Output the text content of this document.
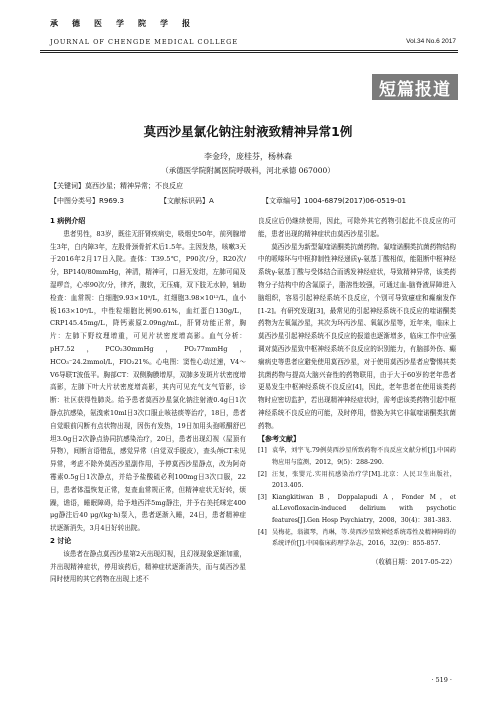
承德医学院学报
JOURNAL OF CHENGDE MEDICAL COLLEGE	Vol.34 No.6 2017
短篇报道
莫西沙星氯化钠注射液致精神异常1例
李金玲，庞桂芬，杨林森
（承德医学院附属医院呼吸科，河北承德 067000）
【关键词】莫西沙星；精神异常；不良反应
【中图分类号】R969.3	【文献标识码】A	【文章编号】1004-6879(2017)06-0519-01
1 病例介绍

患者男性，83岁，既往无肝肾疾病史，吸烟史50年，前列腺增生3年，白内障3年，左股骨颈骨折术后1.5年。主因发热，咳嗽3天于2016年2月17日入院。查体：T39.5℃，P90次/分，R20次/分，BP140/80mmHg，神清，精神可，口唇无发绀，左肺可闻及湿啰音，心率90次/分，律齐，腹软，无压痛，双下肢无水肿，辅助检查：血常规：白细胞9.93×10⁹/L，红细胞3.98×10¹²/L，血小板163×10⁹/L，中性粒细胞比例90.61%，血红蛋白130g/L，CRP145.45mg/L，降钙素原2.09ng/mL，肝肾功能正常，胸片：左肺下野纹理增重，可见片状密度增高影。血气分析：pH7.52，PCO₂30mmHg，PO₂77mmHg，HCO₃⁻24.2mmol/L，FIO₂21%。心电图：窦性心动过速，V4～V6导联T波低平。胸部CT：双侧胸膜增厚，双肺多发斑片状密度增高影，左肺下叶大片状密度增高影，其内可见充气支气管影，诊断：社区获得性肺炎。给予患者莫西沙星氯化钠注射液0.4g日1次静点抗感染，氨溴索10ml日3次口服止咳祛痰等治疗，18日，患者自觉眼前闪断有点状物出现，因伤有发热，19日加用头孢哌酮舒巴坦3.0g日2次静点协同抗感染治疗，20日，患者出现幻视（屋顶有异物），间断言语错乱，感觉异常（自觉双手脱皮），查头颅CT未见异常，考虑不除外莫西沙星副作用，予停莫西沙星静点，改为阿奇霉素0.5g日1次静点，并给予盐酸硫必利100mg日3次口服，22日，患者体温恢复正常，复查血常规正常，但精神症状无好转，烦躁，谵语，睡眠障碍，给予地西泮5mg静注，并予右美托咪定400 μg静注后40 μg/(kg·h)泵入，患者逐渐入睡，24日，患者精神症状逐渐消失，3月4日好转出院。

2 讨论

该患者在静点莫西沙星第2天出现幻视，且幻视现象逐渐加重，并出现精神症状，停用该药后，精神症状逐渐消失，而与莫西沙星同时使用的其它药物在出现上述不

良反应后仍继续使用，因此，可除外其它药物引起此不良反应的可能，患者出现的精神症状由莫西沙星引起。

莫西沙星为新型氟喹诺酮类抗菌药物。氟喹诺酮类抗菌药物结构中的哌嗪环与中枢抑制性神经递质γ-氨基丁酸相似，能阻断中枢神经系统γ-氨基丁酸与受体结合而诱发神经症状，导致精神异常，该类药物分子结构中的含氟原子，脂溶性较强，可通过血-脑脊液屏障进入脑组织，容易引起神经系统不良反应，个别可导致癔症和癫痫发作[1-2]。有研究发现[3]，最常见的引起神经系统不良反应的喹诺酮类药物为左氧氟沙星，其次为环丙沙星、氧氟沙星等，近年来，临床上莫西沙星引起神经系统不良反应的报道也逐渐增多，临床工作中应强调对莫西沙星致中枢神经系统不良反应的识别能力，有脑部外伤、癫痫病史等患者应避免使用莫西沙星，对于使用莫西沙星者应警惕其类抗菌药物与提高大脑兴奋性的药物联用，由于大于60岁的老年患者更易发生中枢神经系统不良反应[4]，因此，老年患者在使用该类药物时应密切监护，若出现精神神经症状时，需考虑该类药物引起中枢神经系统不良反应的可能，及时停用，替换为其它非氟喹诺酮类抗菌药物。

【参考文献】
[1] 袁华，刘宇飞.79例莫西沙星所致药物不良反应文献分析[J].中国药物应用与监测，2012，9(5)：288-290.
[2] 汪复，张婴元.实用抗感染治疗学[M].北京：人民卫生出版社，2013.405.
[3] Kiangkitiwan B，Doppalapudi A，Fonder M，et al.Levofloxacin-induced delirium with psychotic features[J].Gen Hosp Psychiatry，2008，30(4)：381-383.
[4] 吴梅花，翁淑琴，肖琳，等.莫西沙星致神经系统毒性及精神障碍的系统评价[J].中国临床药理学杂志，2016，32(9)：855-857.
（收稿日期：2017-05-22）
· 519 ·
